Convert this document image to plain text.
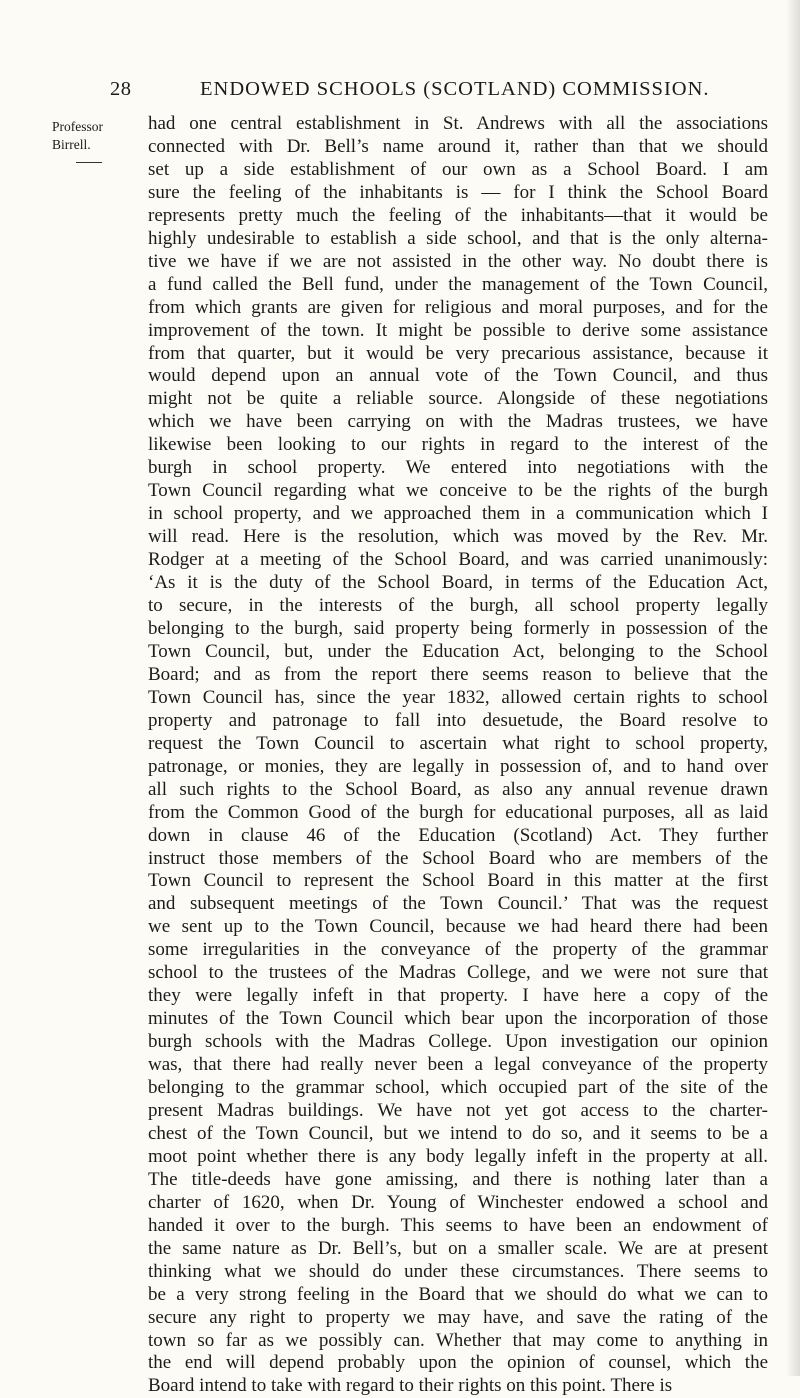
28	ENDOWED SCHOOLS (SCOTLAND) COMMISSION.
Professor
Birrell.
had one central establishment in St. Andrews with all the associations
connected with Dr. Bell’s name around it, rather than that we should
set up a side establishment of our own as a School Board. I am
sure the feeling of the inhabitants is — for I think the School Board
represents pretty much the feeling of the inhabitants—that it would be
highly undesirable to establish a side school, and that is the only alterna-
tive we have if we are not assisted in the other way. No doubt there is
a fund called the Bell fund, under the management of the Town Council,
from which grants are given for religious and moral purposes, and for the
improvement of the town. It might be possible to derive some assistance
from that quarter, but it would be very precarious assistance, because it
would depend upon an annual vote of the Town Council, and thus
might not be quite a reliable source. Alongside of these negotiations
which we have been carrying on with the Madras trustees, we have
likewise been looking to our rights in regard to the interest of the
burgh in school property. We entered into negotiations with the
Town Council regarding what we conceive to be the rights of the burgh
in school property, and we approached them in a communication which I
will read. Here is the resolution, which was moved by the Rev. Mr.
Rodger at a meeting of the School Board, and was carried unanimously:
‘As it is the duty of the School Board, in terms of the Education Act,
to secure, in the interests of the burgh, all school property legally
belonging to the burgh, said property being formerly in possession of the
Town Council, but, under the Education Act, belonging to the School
Board; and as from the report there seems reason to believe that the
Town Council has, since the year 1832, allowed certain rights to school
property and patronage to fall into desuetude, the Board resolve to
request the Town Council to ascertain what right to school property,
patronage, or monies, they are legally in possession of, and to hand over
all such rights to the School Board, as also any annual revenue drawn
from the Common Good of the burgh for educational purposes, all as laid
down in clause 46 of the Education (Scotland) Act. They further
instruct those members of the School Board who are members of the
Town Council to represent the School Board in this matter at the first
and subsequent meetings of the Town Council.’ That was the request
we sent up to the Town Council, because we had heard there had been
some irregularities in the conveyance of the property of the grammar
school to the trustees of the Madras College, and we were not sure that
they were legally infeft in that property. I have here a copy of the
minutes of the Town Council which bear upon the incorporation of those
burgh schools with the Madras College. Upon investigation our opinion
was, that there had really never been a legal conveyance of the property
belonging to the grammar school, which occupied part of the site of the
present Madras buildings. We have not yet got access to the charter-
chest of the Town Council, but we intend to do so, and it seems to be a
moot point whether there is any body legally infeft in the property at all.
The title-deeds have gone amissing, and there is nothing later than a
charter of 1620, when Dr. Young of Winchester endowed a school and
handed it over to the burgh. This seems to have been an endowment of
the same nature as Dr. Bell’s, but on a smaller scale. We are at present
thinking what we should do under these circumstances. There seems to
be a very strong feeling in the Board that we should do what we can to
secure any right to property we may have, and save the rating of the
town so far as we possibly can. Whether that may come to anything in
the end will depend probably upon the opinion of counsel, which the
Board intend to take with regard to their rights on this point. There is
